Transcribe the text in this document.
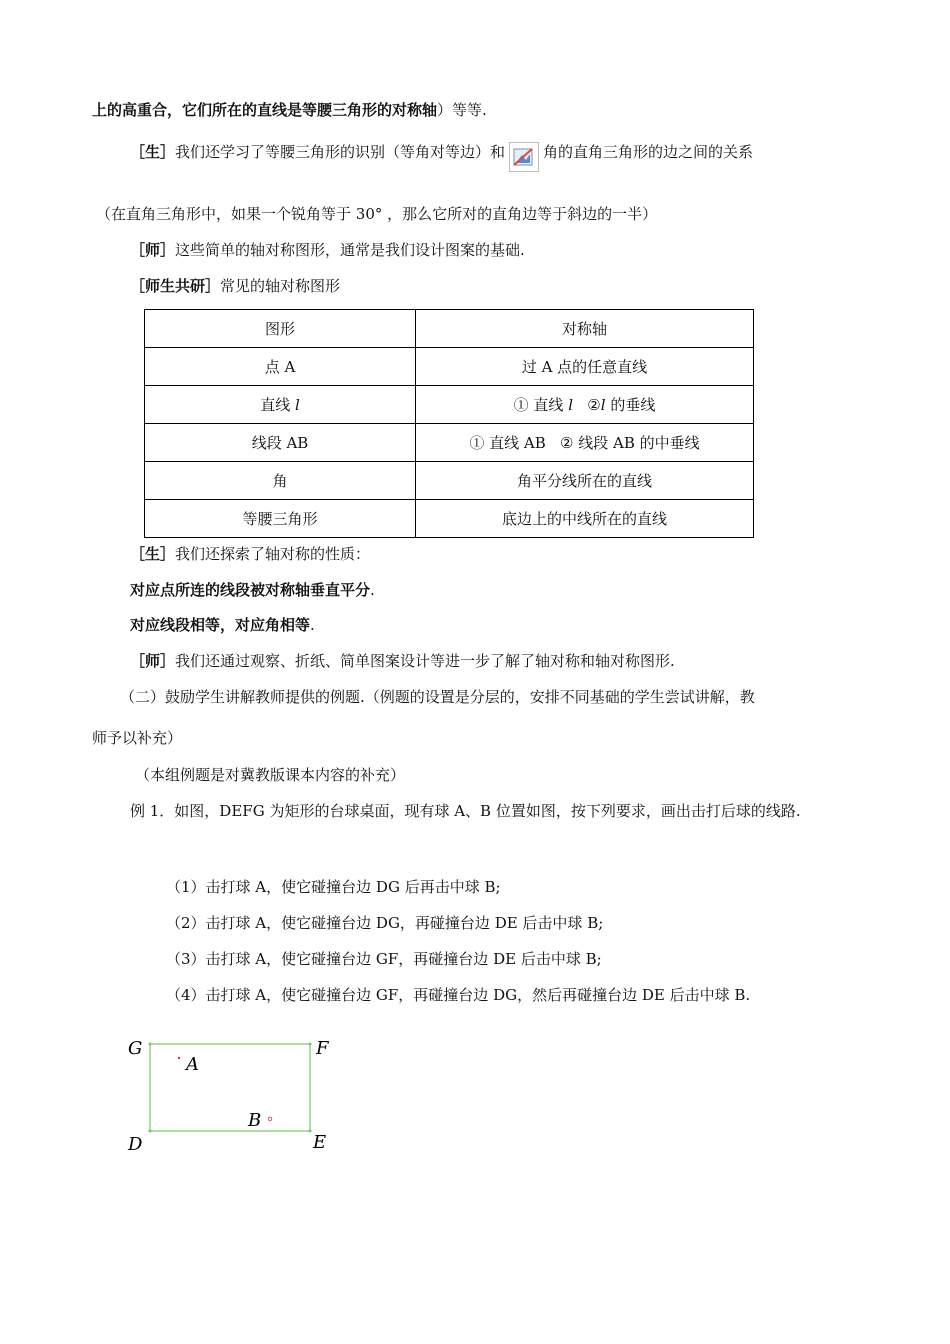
上的高重合，它们所在的直线是等腰三角形的对称轴）等等.
［生］我们还学习了等腰三角形的识别（等角对等边）和	角的直角三角形的边之间的关系
（在直角三角形中，如果一个锐角等于 30° ，那么它所对的直角边等于斜边的一半）
［师］这些简单的轴对称图形，通常是我们设计图案的基础.
［师生共研］常见的轴对称图形
图形	对称轴
点 A	过 A 点的任意直线
直线 l	① 直线 l   ②l 的垂线
线段 AB	① 直线 AB   ② 线段 AB 的中垂线
角	角平分线所在的直线
等腰三角形	底边上的中线所在的直线
［生］我们还探索了轴对称的性质：
对应点所连的线段被对称轴垂直平分.
对应线段相等，对应角相等.
［师］我们还通过观察、折纸、简单图案设计等进一步了解了轴对称和轴对称图形.
（二）鼓励学生讲解教师提供的例题.（例题的设置是分层的，安排不同基础的学生尝试讲解，教
师予以补充）
（本组例题是对冀教版课本内容的补充）
例 1．如图，DEFG 为矩形的台球桌面，现有球 A、B 位置如图，按下列要求，画出击打后球的线路.
（1）击打球 A，使它碰撞台边 DG 后再击中球 B;
（2）击打球 A，使它碰撞台边 DG，再碰撞台边 DE 后击中球 B;
（3）击打球 A，使它碰撞台边 GF，再碰撞台边 DE 后击中球 B;
（4）击打球 A，使它碰撞台边 GF，再碰撞台边 DG，然后再碰撞台边 DE 后击中球 B.
G	F
D	E
A
B
